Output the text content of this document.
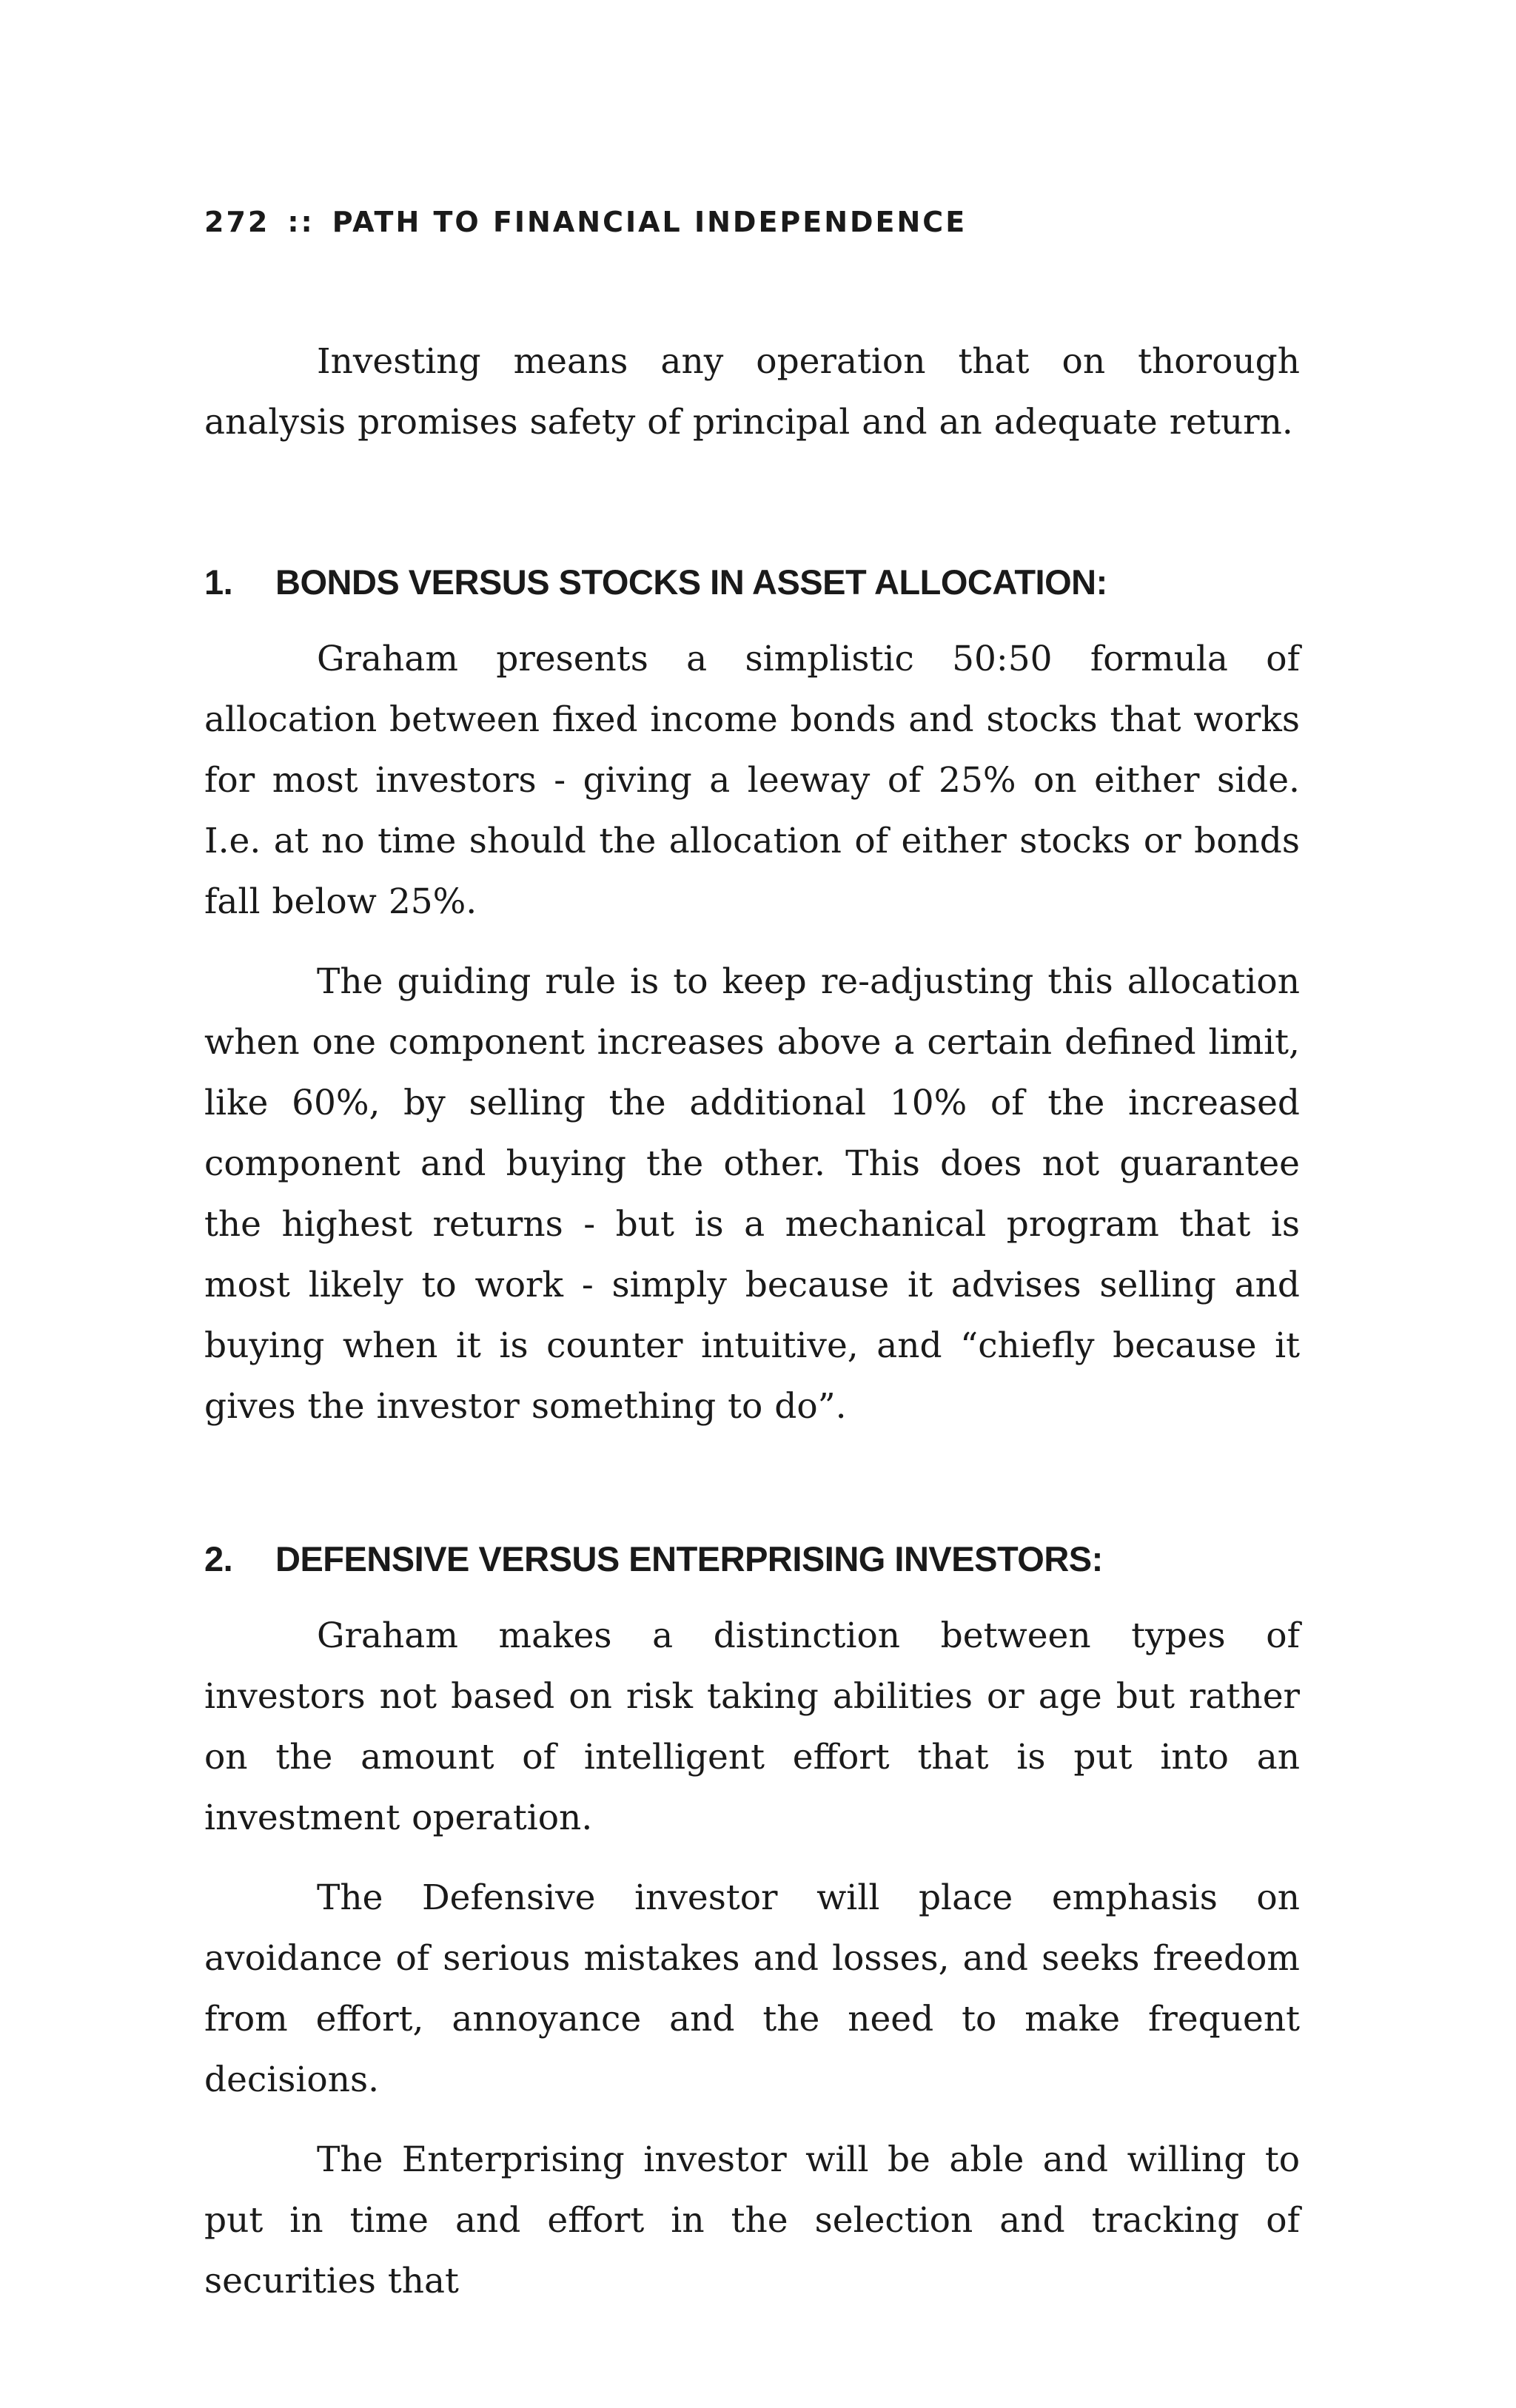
272 :: PATH TO FINANCIAL INDEPENDENCE

Investing means any operation that on thorough analysis promises safety of principal and an adequate return.

1. BONDS VERSUS STOCKS IN ASSET ALLOCATION:

Graham presents a simplistic 50:50 formula of allocation between fixed income bonds and stocks that works for most investors - giving a leeway of 25% on either side. I.e. at no time should the allocation of either stocks or bonds fall below 25%.

The guiding rule is to keep re-adjusting this allocation when one component increases above a certain defined limit, like 60%, by selling the additional 10% of the increased component and buying the other. This does not guarantee the highest returns - but is a mechanical program that is most likely to work - simply because it advises selling and buying when it is counter intuitive, and “chiefly because it gives the investor something to do”.

2. DEFENSIVE VERSUS ENTERPRISING INVESTORS:

Graham makes a distinction between types of investors not based on risk taking abilities or age but rather on the amount of intelligent effort that is put into an investment operation.

The Defensive investor will place emphasis on avoidance of serious mistakes and losses, and seeks freedom from effort, annoyance and the need to make frequent decisions.

The Enterprising investor will be able and willing to put in time and effort in the selection and tracking of securities that
